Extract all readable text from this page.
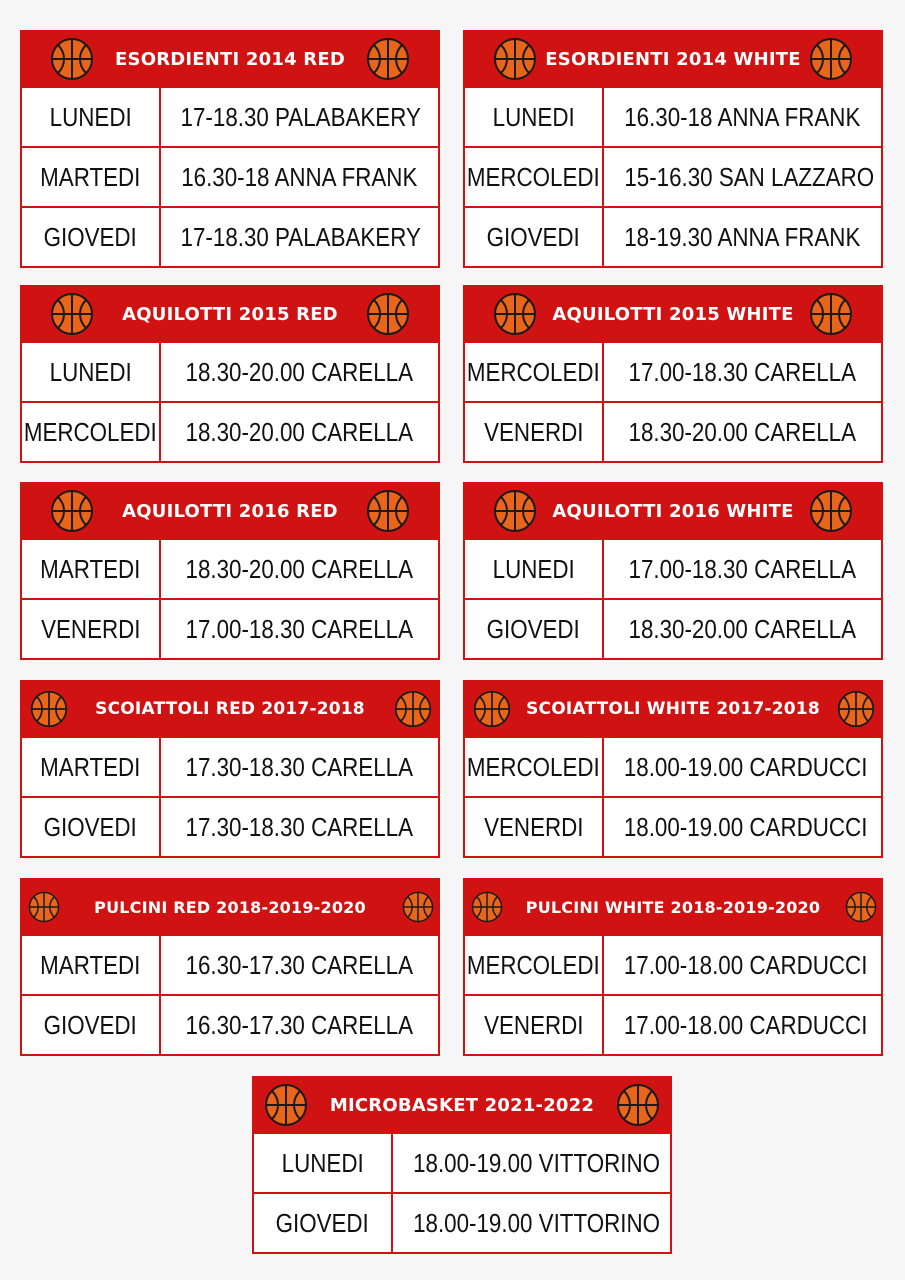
ESORDIENTI 2014 RED
LUNEDI 17-18.30 PALABAKERY
MARTEDI 16.30-18 ANNA FRANK
GIOVEDI 17-18.30 PALABAKERY
ESORDIENTI 2014 WHITE
LUNEDI 16.30-18 ANNA FRANK
MERCOLEDI 15-16.30 SAN LAZZARO
GIOVEDI 18-19.30 ANNA FRANK
AQUILOTTI 2015 RED
LUNEDI 18.30-20.00 CARELLA
MERCOLEDI 18.30-20.00 CARELLA
AQUILOTTI 2015 WHITE
MERCOLEDI 17.00-18.30 CARELLA
VENERDI 18.30-20.00 CARELLA
AQUILOTTI 2016 RED
MARTEDI 18.30-20.00 CARELLA
VENERDI 17.00-18.30 CARELLA
AQUILOTTI 2016 WHITE
LUNEDI 17.00-18.30 CARELLA
GIOVEDI 18.30-20.00 CARELLA
SCOIATTOLI RED 2017-2018
MARTEDI 17.30-18.30 CARELLA
GIOVEDI 17.30-18.30 CARELLA
SCOIATTOLI WHITE 2017-2018
MERCOLEDI 18.00-19.00 CARDUCCI
VENERDI 18.00-19.00 CARDUCCI
PULCINI RED 2018-2019-2020
MARTEDI 16.30-17.30 CARELLA
GIOVEDI 16.30-17.30 CARELLA
PULCINI WHITE 2018-2019-2020
MERCOLEDI 17.00-18.00 CARDUCCI
VENERDI 17.00-18.00 CARDUCCI
MICROBASKET 2021-2022
LUNEDI 18.00-19.00 VITTORINO
GIOVEDI 18.00-19.00 VITTORINO
